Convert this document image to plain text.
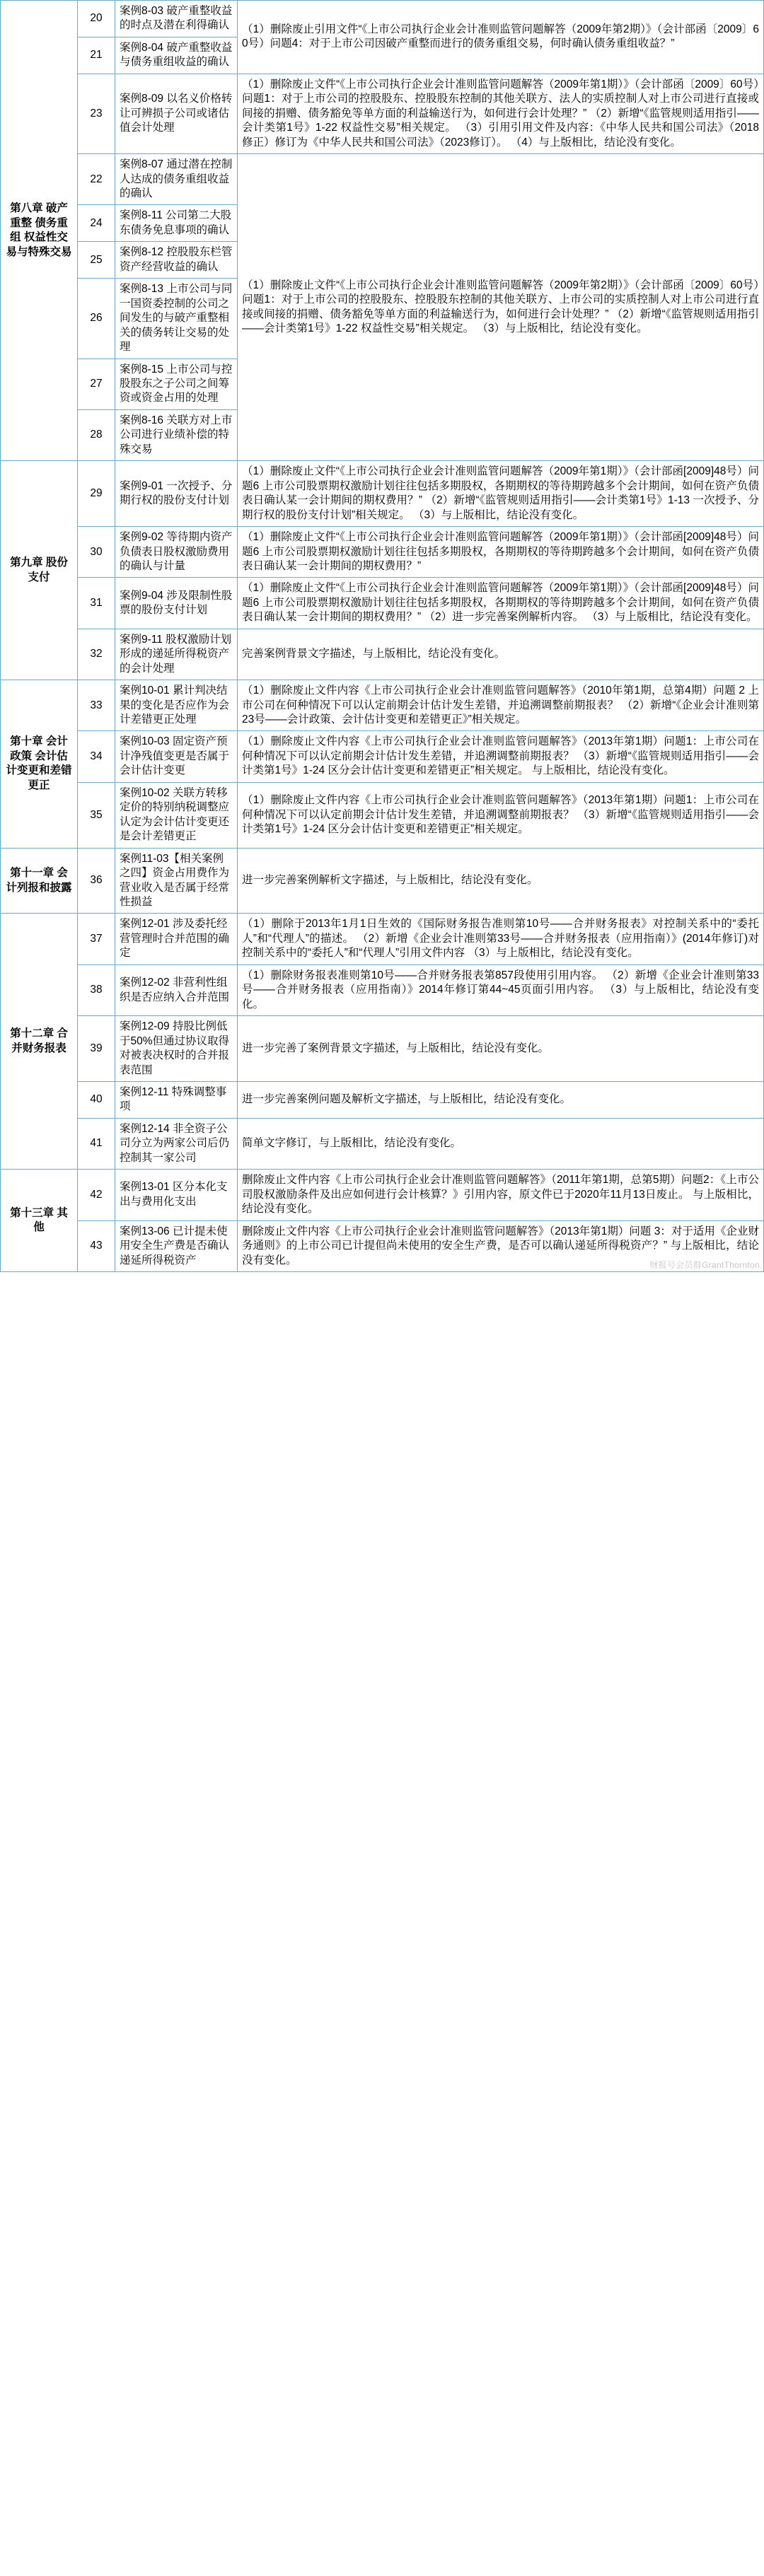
第八章 破产重整 债务重组 权益性交易与特殊交易	20	案例8-03 破产重整收益的时点及潜在利得确认	（1）删除废止引用文件“《上市公司执行企业会计准则监管问题解答（2009年第2期）》（会计部函〔2009〕60号）问题4：对于上市公司因破产重整而进行的债务重组交易，何时确认债务重组收益？”
	21	案例8-04 破产重整收益与债务重组收益的确认	
	23	案例8-09 以名义价格转让可辨损子公司或诸估值会计处理	（1）删除废止文件“《上市公司执行企业会计准则监管问题解答（2009年第1期）》（会计部函〔2009〕60号）问题1：对于上市公司的控股股东、控股股东控制的其他关联方、法人的实质控制人对上市公司进行直接或间接的捐赠、债务豁免等单方面的利益输送行为，如何进行会计处理？” （2）新增“《监管规则适用指引——会计类第1号》1-22 权益性交易”相关规定。 （3）引用引用文件及内容：《中华人民共和国公司法》（2018修正）修订为《中华人民共和国公司法》（2023修订）。 （4）与上版相比，结论没有变化。
	22	案例8-07 通过潜在控制人达成的债务重组收益的确认	（1）删除废止文件“《上市公司执行企业会计准则监管问题解答（2009年第2期）》（会计部函〔2009〕60号）问题1：对于上市公司的控股股东、控股股东控制的其他关联方、上市公司的实质控制人对上市公司进行直接或间接的捐赠、债务豁免等单方面的利益输送行为，如何进行会计处理？” （2）新增“《监管规则适用指引——会计类第1号》1-22 权益性交易”相关规定。 （3）与上版相比，结论没有变化。
	24	案例8-11 公司第二大股东债务免息事项的确认	
	25	案例8-12 控股股东栏管资产经营收益的确认	
	26	案例8-13 上市公司与同一国资委控制的公司之间发生的与破产重整相关的债务转让交易的处理	
	27	案例8-15 上市公司与控股股东之子公司之间筹资或资金占用的处理	
	28	案例8-16 关联方对上市公司进行业绩补偿的特殊交易	
第九章 股份支付	29	案例9-01 一次授予、分期行权的股份支付计划	（1）删除废止文件“《上市公司执行企业会计准则监管问题解答（2009年第1期）》（会计部函[2009]48号）问题6 上市公司股票期权激励计划往往包括多期股权，各期期权的等待期跨越多个会计期间，如何在资产负债表日确认某一会计期间的期权费用？” （2）新增“《监管规则适用指引——会计类第1号》1-13 一次授予、分期行权的股份支付计划”相关规定。 （3）与上版相比，结论没有变化。
	30	案例9-02 等待期内资产负债表日股权激励费用的确认与计量	（1）删除废止文件“《上市公司执行企业会计准则监管问题解答（2009年第1期）》（会计部函[2009]48号）问题6 上市公司股票期权激励计划往往包括多期股权，各期期权的等待期跨越多个会计期间，如何在资产负债表日确认某一会计期间的期权费用？”
	31	案例9-04 涉及限制性股票的股份支付计划	（1）删除废止文件“《上市公司执行企业会计准则监管问题解答（2009年第1期）》（会计部函[2009]48号）问题6 上市公司股票期权激励计划往往包括多期股权，各期期权的等待期跨越多个会计期间，如何在资产负债表日确认某一会计期间的期权费用？” （2）进一步完善案例解析内容。 （3）与上版相比，结论没有变化。
	32	案例9-11 股权激励计划形成的递延所得税资产的会计处理	完善案例背景文字描述，与上版相比，结论没有变化。
第十章 会计政策 会计估计变更和差错更正	33	案例10-01 累计判决结果的变化是否应作为会计差错更正处理	（1）删除废止文件内容《上市公司执行企业会计准则监管问题解答》（2010年第1期，总第4期）问题 2 上市公司在何种情况下可以认定前期会计估计发生差错，并追溯调整前期报表？ （2）新增“《企业会计准则第23号——会计政策、会计估计变更和差错更正》”相关规定。
	34	案例10-03 固定资产预计净残值变更是否属于会计估计变更	（1）删除废止文件内容《上市公司执行企业会计准则监管问题解答》（2013年第1期）问题1：上市公司在何种情况下可以认定前期会计估计发生差错，并追溯调整前期报表？ （3）新增“《监管规则适用指引——会计类第1号》1-24 区分会计估计变更和差错更正”相关规定。 与上版相比，结论没有变化。
	35	案例10-02 关联方转移定价的特别纳税调整应认定为会计估计变更还是会计差错更正	（1）删除废止文件内容《上市公司执行企业会计准则监管问题解答》（2013年第1期）问题1：上市公司在何种情况下可以认定前期会计估计发生差错，并追溯调整前期报表？ （3）新增“《监管规则适用指引——会计类第1号》1-24 区分会计估计变更和差错更正”相关规定。
第十一章 会计列报和披露	36	案例11-03【相关案例之四】资金占用费作为营业收入是否属于经常性损益	进一步完善案例解析文字描述，与上版相比，结论没有变化。
第十二章 合并财务报表	37	案例12-01 涉及委托经营管理时合并范围的确定	（1）删除于2013年1月1日生效的《国际财务报告准则第10号——合并财务报表》对控制关系中的“委托人”和“代理人”的描述。 （2）新增《企业会计准则第33号——合并财务报表（应用指南）》(2014年修订)对控制关系中的“委托人”和“代理人”引用文件内容 （3）与上版相比，结论没有变化。
	38	案例12-02 非营利性组织是否应纳入合并范围	（1）删除财务报表准则第10号——合并财务报表第857段使用引用内容。 （2）新增《企业会计准则第33号——合并财务报表（应用指南）》2014年修订第44~45页面引用内容。 （3）与上版相比，结论没有变化。
	39	案例12-09 持股比例低于50%但通过协议取得对被表决权时的合并报表范围	进一步完善了案例背景文字描述，与上版相比，结论没有变化。
	40	案例12-11 特殊调整事项	进一步完善案例问题及解析文字描述，与上版相比，结论没有变化。
	41	案例12-14 非全资子公司分立为两家公司后仍控制其一家公司	简单文字修订，与上版相比，结论没有变化。
第十三章 其他	42	案例13-01 区分本化支出与费用化支出	删除废止文件内容《上市公司执行企业会计准则监管问题解答》（2011年第1期，总第5期）问题2：《上市公司股权激励条件及出应如何进行会计核算？》引用内容，原文件已于2020年11月13日废止。 与上版相比，结论没有变化。
	43	案例13-06 已计提未使用安全生产费是否确认递延所得税资产	删除废止文件内容《上市公司执行企业会计准则监管问题解答》（2013年第1期）问题 3：对于适用《企业财务通则》的上市公司已计提但尚未使用的安全生产费，是否可以确认递延所得税资产？” 与上版相比，结论没有变化。	财报号会员群GrantThornton
